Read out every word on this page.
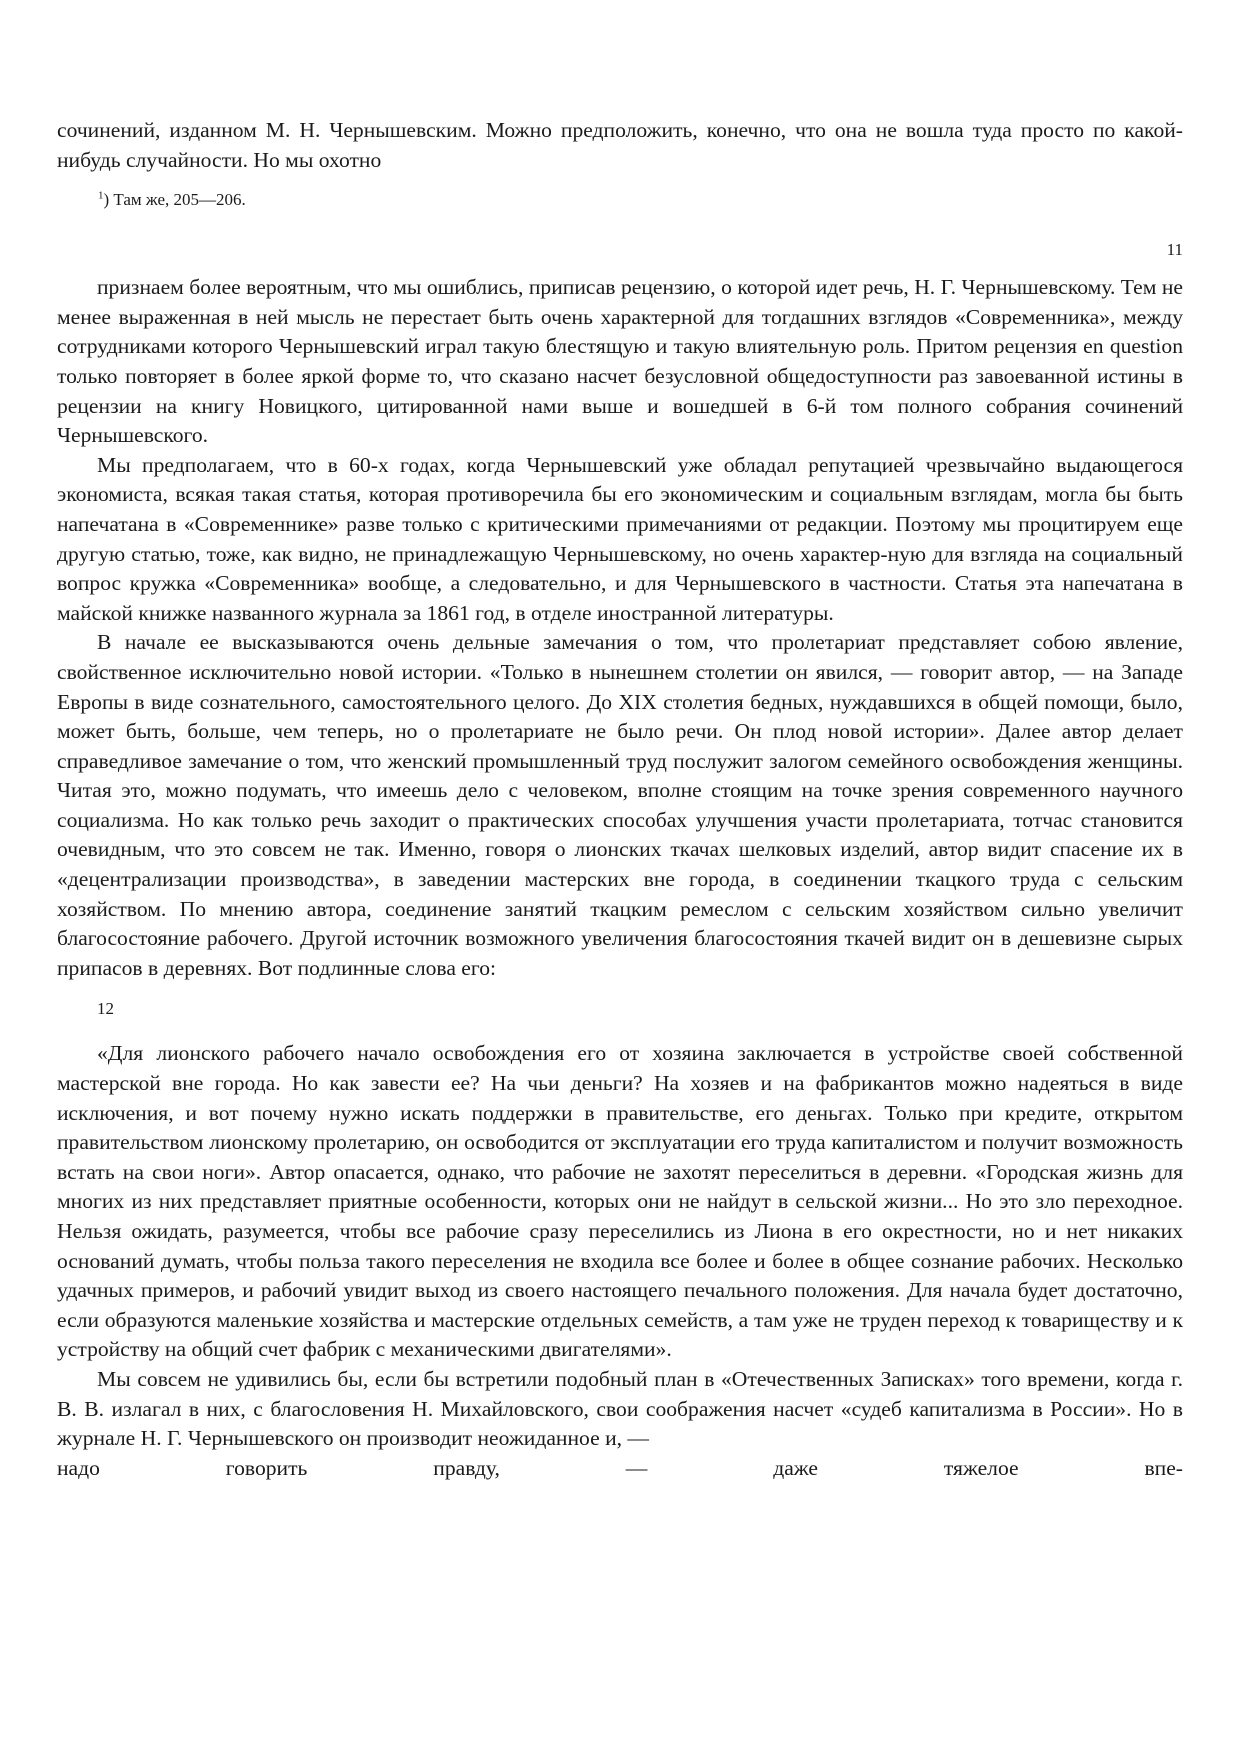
сочинений, изданном М. Н. Чернышевским. Можно предположить, конечно, что она не вошла туда просто по какой-нибудь случайности. Но мы охотно

$^1$) Там же, 205—206.
11

признаем более вероятным, что мы ошиблись, приписав рецензию, о которой идет речь, Н. Г. Чернышевскому. Тем не менее выраженная в ней мысль не перестает быть очень характерной для тогдашних взглядов «Современника», между сотрудниками которого Чернышевский играл такую блестящую и такую влиятельную роль. Притом рецензия en question только повторяет в более яркой форме то, что сказано насчет безусловной общедоступности раз завоеванной истины в рецензии на книгу Новицкого, цитированной нами выше и вошедшей в 6-й том полного собрания сочинений Чернышевского.

Мы предполагаем, что в 60-х годах, когда Чернышевский уже обладал репутацией чрезвычайно выдающегося экономиста, всякая такая статья, которая противоречила бы его экономическим и социальным взглядам, могла бы быть напечатана в «Современнике» разве только с критическими примечаниями от редакции. Поэтому мы процитируем еще другую статью, тоже, как видно, не принадлежащую Чернышевскому, но очень характер-ную для взгляда на социальный вопрос кружка «Современника» вообще, а следовательно, и для Чернышевского в частности. Статья эта напечатана в майской книжке названного журнала за 1861 год, в отделе иностранной литературы.

В начале ее высказываются очень дельные замечания о том, что пролетариат представляет собою явление, свойственное исключительно новой истории. «Только в нынешнем столетии он явился, — говорит автор, — на Западе Европы в виде сознательного, самостоятельного целого. До XIX столетия бедных, нуждавшихся в общей помощи, было, может быть, больше, чем теперь, но о пролетариате не было речи. Он плод новой истории». Далее автор делает справедливое замечание о том, что женский промышленный труд послужит залогом семейного освобождения женщины. Читая это, можно подумать, что имеешь дело с человеком, вполне стоящим на точке зрения современного научного социализма. Но как только речь заходит о практических способах улучшения участи пролетариата, тотчас становится очевидным, что это совсем не так. Именно, говоря о лионских ткачах шелковых изделий, автор видит спасение их в «децентрализации производства», в заведении мастерских вне города, в соединении ткацкого труда с сельским хозяйством. По мнению автора, соединение занятий ткацким ремеслом с сельским хозяйством сильно увеличит благосостояние рабочего. Другой источник возможного увеличения благосостояния ткачей видит он в дешевизне сырых припасов в деревнях. Вот подлинные слова его:

12

«Для лионского рабочего начало освобождения его от хозяина заключается в устройстве своей собственной мастерской вне города. Но как завести ее? На чьи деньги? На хозяев и на фабрикантов можно надеяться в виде исключения, и вот почему нужно искать поддержки в правительстве, его деньгах. Только при кредите, открытом правительством лионскому пролетарию, он освободится от эксплуатации его труда капиталистом и получит возможность встать на свои ноги». Автор опасается, однако, что рабочие не захотят переселиться в деревни. «Городская жизнь для многих из них представляет приятные особенности, которых они не найдут в сельской жизни... Но это зло переходное. Нельзя ожидать, разумеется, чтобы все рабочие сразу переселились из Лиона в его окрестности, но и нет никаких оснований думать, чтобы польза такого переселения не входила все более и более в общее сознание рабочих. Несколько удачных примеров, и рабочий увидит выход из своего настоящего печального положения. Для начала будет достаточно, если образуются маленькие хозяйства и мастерские отдельных семейств, а там уже не труден переход к товариществу и к устройству на общий счет фабрик с механическими двигателями».

Мы совсем не удивились бы, если бы встретили подобный план в «Отечественных Записках» того времени, когда г. В. В. излагал в них, с благословения Н. Михайловского, свои соображения насчет «судеб капитализма в России». Но в журнале Н. Г. Чернышевского он производит неожиданное и, —

надо	говорить	правду,	—	даже	тяжелое	впе-
